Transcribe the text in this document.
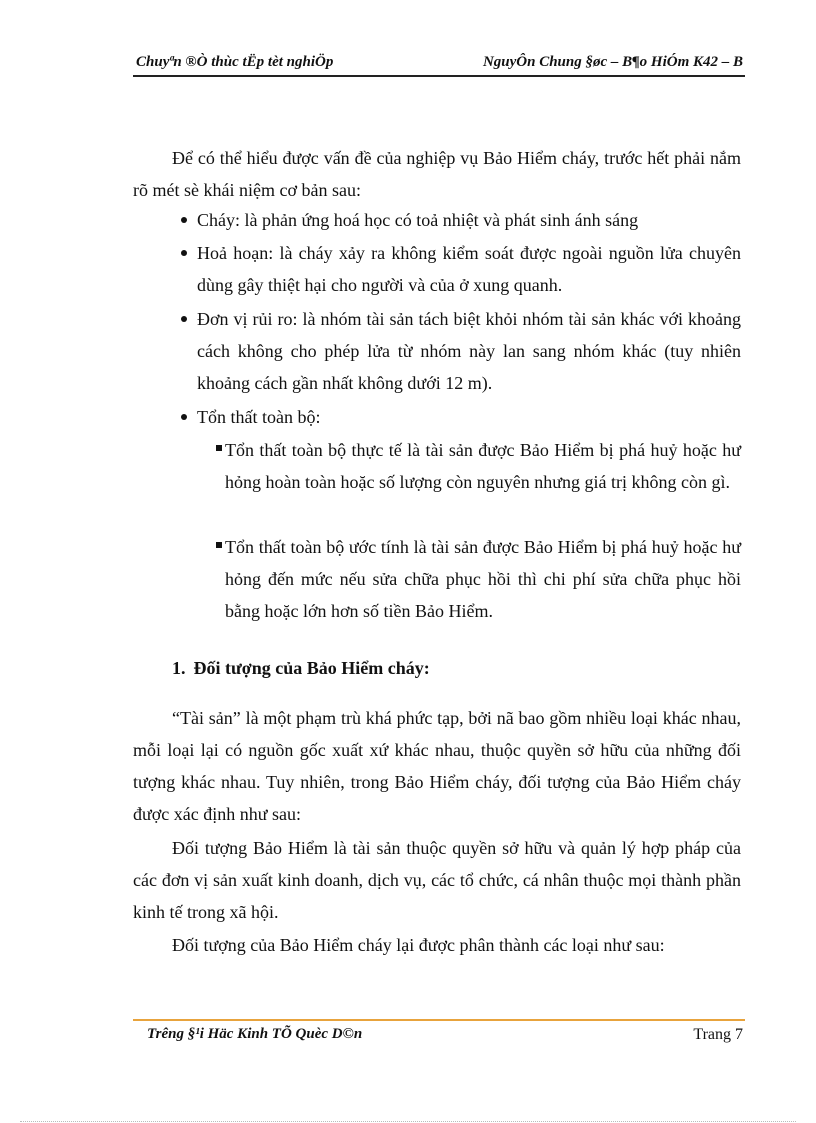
Chuyªn ®Ò thùc tËp tèt nghiÖp	NguyÔn Chung §øc – B¶o HiÓm K42 – B
Để có thể hiểu được vấn đề của nghiệp vụ Bảo Hiểm cháy, trước hết phải nắm rõ mét sè khái niệm cơ bản sau:
Cháy: là phản ứng hoá học có toả nhiệt và phát sinh ánh sáng
Hoả hoạn: là cháy xảy ra không kiểm soát được ngoài nguồn lửa chuyên dùng gây thiệt hại cho người và của ở xung quanh.
Đơn vị rủi ro: là nhóm tài sản tách biệt khỏi nhóm tài sản khác với khoảng cách không cho phép lửa từ nhóm này lan sang nhóm khác (tuy nhiên khoảng cách gần nhất không dưới 12 m).
Tổn thất toàn bộ:
Tổn thất toàn bộ thực tế là tài sản được Bảo Hiểm bị phá huỷ hoặc hư hỏng hoàn toàn hoặc số lượng còn nguyên nhưng giá trị không còn gì.
Tổn thất toàn bộ ước tính là tài sản được Bảo Hiểm bị phá huỷ hoặc hư hỏng đến mức nếu sửa chữa phục hồi thì chi phí sửa chữa phục hồi bằng hoặc lớn hơn số tiền Bảo Hiểm.
1. Đối tượng của Bảo Hiểm cháy:
“Tài sản” là một phạm trù khá phức tạp, bởi nã bao gồm nhiều loại khác nhau, mỗi loại lại có nguồn gốc xuất xứ khác nhau, thuộc quyền sở hữu của những đối tượng khác nhau. Tuy nhiên, trong Bảo Hiểm cháy, đối tượng của Bảo Hiểm cháy được xác định như sau:
Đối tượng Bảo Hiểm là tài sản thuộc quyền sở hữu và quản lý hợp pháp của các đơn vị sản xuất kinh doanh, dịch vụ, các tổ chức, cá nhân thuộc mọi thành phần kinh tế trong xã hội.
Đối tượng của Bảo Hiểm cháy lại được phân thành các loại như sau:
Trêng §¹i Häc Kinh TÕ Quèc D©n	Trang 7
